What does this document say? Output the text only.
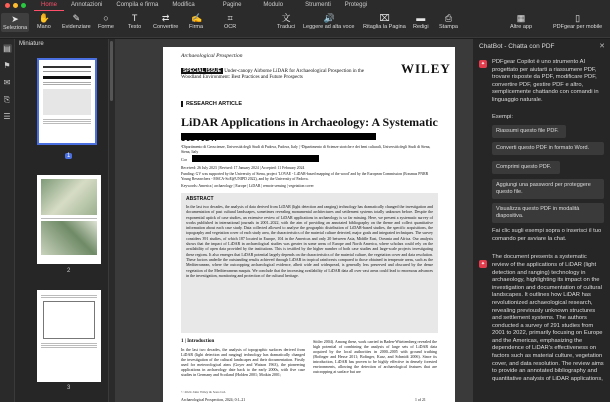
Home	Annotazioni	Compila e firma	Modifica	Pagine	Modulo	Strumenti	Proteggi
➤
Seleziona
✋
Mano
✎
Evidenziare
○
Forme
T
Testo
⇄
Convertire
✍
Firma
⌗
OCR
文
Traduci
🔊
Leggere ad alta voce
⌧
Ritaglia la Pagina
▬
Redigi
⎙
Stampa
▦
Altre app
▯
PDFgear per mobile
▤
⚑
✉
⎘
☰
Miniature
1
2
3
Archaeological Prospection
WILEY
SPECIAL ISSUE Under-canopy Airborne LiDAR for Archaeological Prospection in the Woodland Environment: Best Practices and Future Prospects
RESEARCH ARTICLE
LiDAR Applications in Archaeology: A Systematic
¹Dipartimento di Geoscienze, Università degli Studi di Padova, Padova, Italy | ²Dipartimento di Scienze storiche e dei beni culturali, Università degli Studi di Siena, Siena, Italy
Cor
Received: 26 July 2023 | Revised: 17 January 2024 | Accepted: 11 February 2024
Funding: GV was supported by the University of Siena, project 'LOVAE - LiDAR-based mapping of the wood' and by the European Commission (Erasmus PNRR Young Researchers - MSCA-SoE@UNIPD 2022), and by the University of Padova.
Keywords: America | archaeology | Europe | LiDAR | remote sensing | vegetation cover
ABSTRACT
In the last two decades, the analysis of data derived from LiDAR (light detection and ranging) technology has dramatically changed the investigation and documentation of past cultural landscapes, sometimes revealing monumental architectures and settlement systems totally unknown before. Despite the exponential uptick of case studies, an extensive review of LiDAR applications in archaeology is so far missing. Here, we present a systematic survey of works published in international journals in 2001–2022, with the aim of providing an annotated bibliography on the theme and collect quantitative information about each case study. Data collected allowed to analyse the geographic distribution of LiDAR-based studies, the specific acquisitions, the topography and vegetation cover of each study area, the characteristics of the material culture detected, major goals and integrated techniques. The survey considers 391 studies, of which 187 located in Europe, 104 in the Americas and only 20 between Asia, Middle East, Oceania and Africa. Our analysis shows that the impact of LiDAR in archaeological studies was greater in some areas of Europe and North America, where scholars could rely on the availability of open data provided by the institutions. This is testified by the higher number of both case studies and large-scale projects investigating these regions. It also emerges that LiDAR potential largely depends on the characteristics of the material culture, the vegetation cover and data resolution. These factors underlie the outstanding results achieved through LiDAR in tropical rainforests compared to those obtained in temperate areas, such as the Mediterranean, where the outcropping archaeological evidence, albeit wide and widespread, is generally less preserved and obscured by the dense vegetation of the Mediterranean maquis. We conclude that the increasing availability of LiDAR data all over vast areas could lead to enormous advances in the investigation, monitoring and protection of the cultural heritage.
1 | Introduction
In the last two decades, the analysis of topographic surfaces derived from LiDAR (light detection and ranging) technology has dramatically changed the investigation of the cultural landscapes and their documentation. Firstly used for meteorological aims (Goyer and Watson 1963), the pioneering applications in archaeology date back to the early 2000s, with five case studies in Germany and Scotland (Holden 2001; Motkin 2001;
Sittler 2004). Among these, work carried in Baden-Württemberg revealed the high potential of combining the analysis of large sets of LiDAR data acquired by the local authorities in 2000–2005 with ground truthing (Bofinger and Hesse 2011; Bofinger, Kurz, and Schmidt 2006). Since its introduction, LiDAR has proven to be highly effective in densely forested environments, allowing the detection of archaeological features that are outcropping at surface but are
© 2024 John Wiley & Sons Ltd.
Archaeological Prospection, 2024; 0:1–21	1 of 21
ChatBot - Chatta con PDF	✕
✦	PDFgear Copilot è uno strumento AI progettato per aiutarti a riassumere PDF, trovare risposte da PDF, modificare PDF, convertire PDF, gestire PDF e altro, semplicemente chattando con comandi in linguaggio naturale.
Esempi:
Riassumi questo file PDF.
Converti questo PDF in formato Word.
Comprimi questo PDF.
Aggiungi una password per proteggere questo file.
Visualizza questo PDF in modalità diapositiva.
Fai clic sugli esempi sopra o inserisci il tuo comando per avviare la chat.
✦
The document presents a systematic review of the applications of LiDAR (light detection and ranging) technology in archaeology, highlighting its impact on the investigation and documentation of cultural landscapes. It outlines how LiDAR has revolutionized archaeological research, revealing previously unknown structures and settlement systems. The authors conducted a survey of 291 studies from 2001 to 2022, primarily focusing on Europe and the Americas, emphasizing the dependence of LiDAR's effectiveness on factors such as material culture, vegetation cover, and data resolution. The review aims to provide an annotated bibliography and quantitative analysis of LiDAR applications,
